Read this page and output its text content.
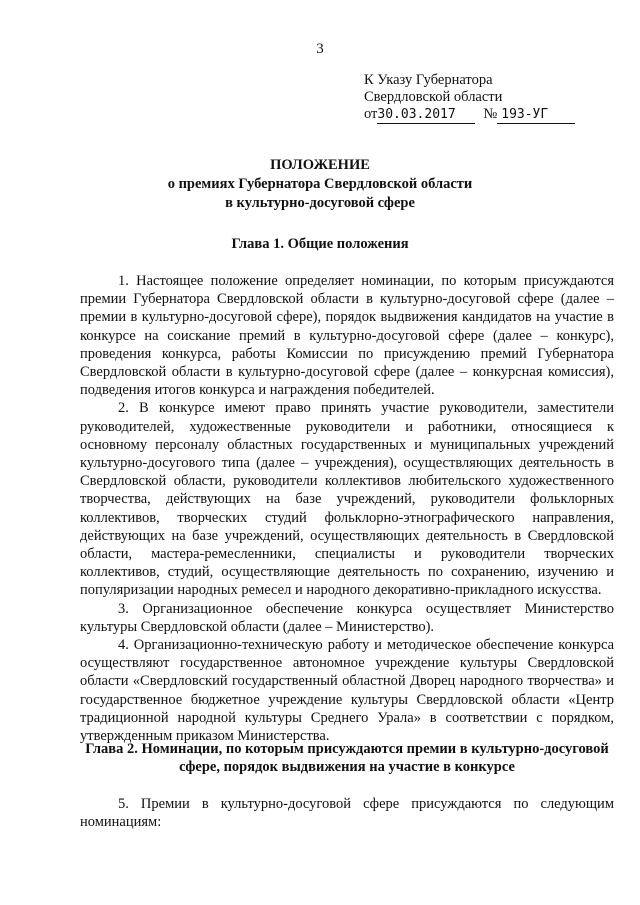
3
К Указу Губернатора
Свердловской области
от30.03.2017 № 193-УГ
ПОЛОЖЕНИЕ
о премиях Губернатора Свердловской области
в культурно-досуговой сфере
Глава 1. Общие положения

1. Настоящее положение определяет номинации, по которым присуждаются премии Губернатора Свердловской области в культурно-досуговой сфере (далее – премии в культурно-досуговой сфере), порядок выдвижения кандидатов на участие в конкурсе на соискание премий в культурно-досуговой сфере (далее – конкурс), проведения конкурса, работы Комиссии по присуждению премий Губернатора Свердловской области в культурно-досуговой сфере (далее – конкурсная комиссия), подведения итогов конкурса и награждения победителей.

2. В конкурсе имеют право принять участие руководители, заместители руководителей, художественные руководители и работники, относящиеся к основному персоналу областных государственных и муниципальных учреждений культурно-досугового типа (далее – учреждения), осуществляющих деятельность в Свердловской области, руководители коллективов любительского художественного творчества, действующих на базе учреждений, руководители фольклорных коллективов, творческих студий фольклорно-этнографического направления, действующих на базе учреждений, осуществляющих деятельность в Свердловской области, мастера-ремесленники, специалисты и руководители творческих коллективов, студий, осуществляющие деятельность по сохранению, изучению и популяризации народных ремесел и народного декоративно-прикладного искусства.

3. Организационное обеспечение конкурса осуществляет Министерство культуры Свердловской области (далее – Министерство).

4. Организационно-техническую работу и методическое обеспечение конкурса осуществляют государственное автономное учреждение культуры Свердловской области «Свердловский государственный областной Дворец народного творчества» и государственное бюджетное учреждение культуры Свердловской области «Центр традиционной народной культуры Среднего Урала» в соответствии с порядком, утвержденным приказом Министерства.

Глава 2. Номинации, по которым присуждаются премии в культурно-досуговой сфере, порядок выдвижения на участие в конкурсе

5. Премии в культурно-досуговой сфере присуждаются по следующим номинациям:
